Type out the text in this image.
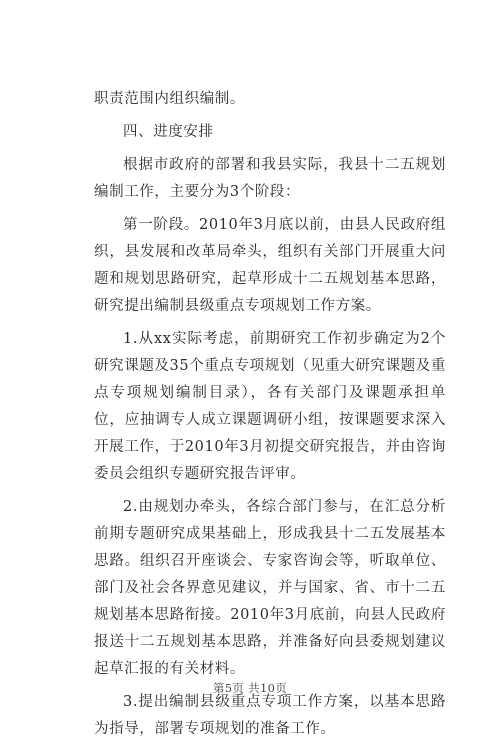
职责范围内组织编制。

四、进度安排

根据市政府的部署和我县实际，我县十二五规划编制工作，主要分为3个阶段：

第一阶段。2010年3月底以前，由县人民政府组织，县发展和改革局牵头，组织有关部门开展重大问题和规划思路研究，起草形成十二五规划基本思路，研究提出编制县级重点专项规划工作方案。

1.从xx实际考虑，前期研究工作初步确定为2个研究课题及35个重点专项规划（见重大研究课题及重点专项规划编制目录），各有关部门及课题承担单位，应抽调专人成立课题调研小组，按课题要求深入开展工作，于2010年3月初提交研究报告，并由咨询委员会组织专题研究报告评审。

2.由规划办牵头，各综合部门参与，在汇总分析前期专题研究成果基础上，形成我县十二五发展基本思路。组织召开座谈会、专家咨询会等，听取单位、部门及社会各界意见建议，并与国家、省、市十二五规划基本思路衔接。2010年3月底前，向县人民政府报送十二五规划基本思路，并准备好向县委规划建议起草汇报的有关材料。

3.提出编制县级重点专项工作方案，以基本思路为指导，部署专项规划的准备工作。

第5页 共10页
